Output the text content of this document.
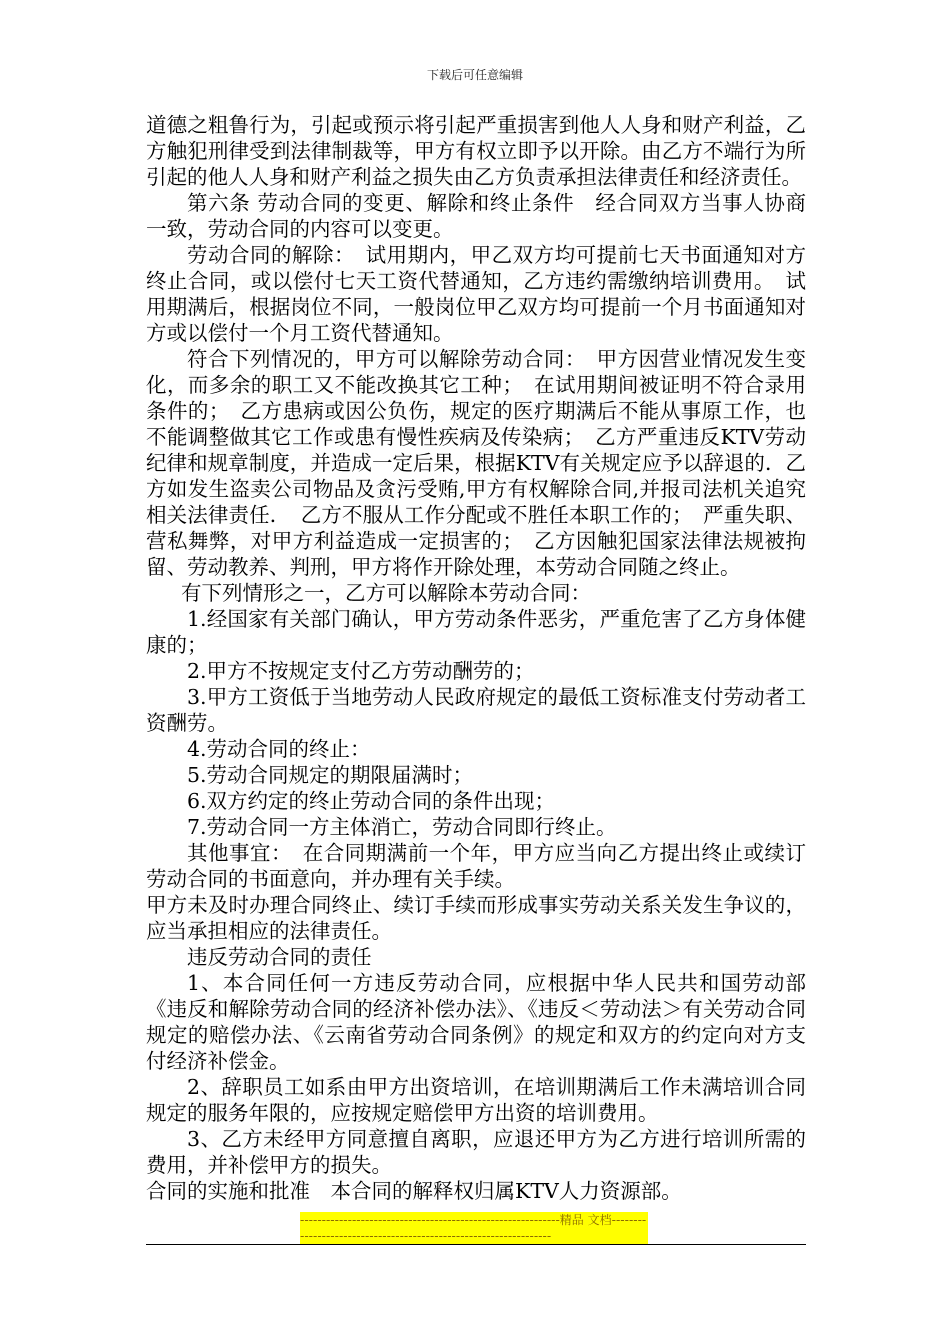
下载后可任意编辑

道德之粗鲁行为，引起或预示将引起严重损害到他人人身和财产利益，乙方触犯刑律受到法律制裁等，甲方有权立即予以开除。由乙方不端行为所引起的他人人身和财产利益之损失由乙方负责承担法律责任和经济责任。

第六条 劳动合同的变更、解除和终止条件　经合同双方当事人协商一致，劳动合同的内容可以变更。

劳动合同的解除：　试用期内，甲乙双方均可提前七天书面通知对方终止合同，或以偿付七天工资代替通知，乙方违约需缴纳培训费用。　试用期满后，根据岗位不同，一般岗位甲乙双方均可提前一个月书面通知对方或以偿付一个月工资代替通知。

符合下列情况的，甲方可以解除劳动合同：　甲方因营业情况发生变化，而多余的职工又不能改换其它工种；　在试用期间被证明不符合录用条件的；　乙方患病或因公负伤，规定的医疗期满后不能从事原工作，也不能调整做其它工作或患有慢性疾病及传染病；　乙方严重违反KTV劳动纪律和规章制度，并造成一定后果，根据KTV有关规定应予以辞退的．乙方如发生盗卖公司物品及贪污受贿,甲方有权解除合同,并报司法机关追究相关法律责任．　乙方不服从工作分配或不胜任本职工作的；　严重失职、营私舞弊，对甲方利益造成一定损害的；　乙方因触犯国家法律法规被拘留、劳动教养、判刑，甲方将作开除处理，本劳动合同随之终止。

有下列情形之一，乙方可以解除本劳动合同：

1.经国家有关部门确认，甲方劳动条件恶劣，严重危害了乙方身体健康的；

2.甲方不按规定支付乙方劳动酬劳的；

3.甲方工资低于当地劳动人民政府规定的最低工资标准支付劳动者工资酬劳。

4.劳动合同的终止：

5.劳动合同规定的期限届满时；

6.双方约定的终止劳动合同的条件出现；

7.劳动合同一方主体消亡，劳动合同即行终止。

其他事宜：　在合同期满前一个年，甲方应当向乙方提出终止或续订劳动合同的书面意向，并办理有关手续。

甲方未及时办理合同终止、续订手续而形成事实劳动关系关发生争议的，应当承担相应的法律责任。

违反劳动合同的责任

1、本合同任何一方违反劳动合同，应根据中华人民共和国劳动部《违反和解除劳动合同的经济补偿办法》、《违反＜劳动法＞有关劳动合同规定的赔偿办法、《云南省劳动合同条例》的规定和双方的约定向对方支付经济补偿金。

2、辞职员工如系由甲方出资培训，在培训期满后工作未满培训合同规定的服务年限的，应按规定赔偿甲方出资的培训费用。

3、乙方未经甲方同意擅自离职，应退还甲方为乙方进行培训所需的费用，并补偿甲方的损失。

合同的实施和批准　本合同的解释权归属KTV人力资源部。

------------------------------------------------------------精品 文档------------------------------------------------------------------
